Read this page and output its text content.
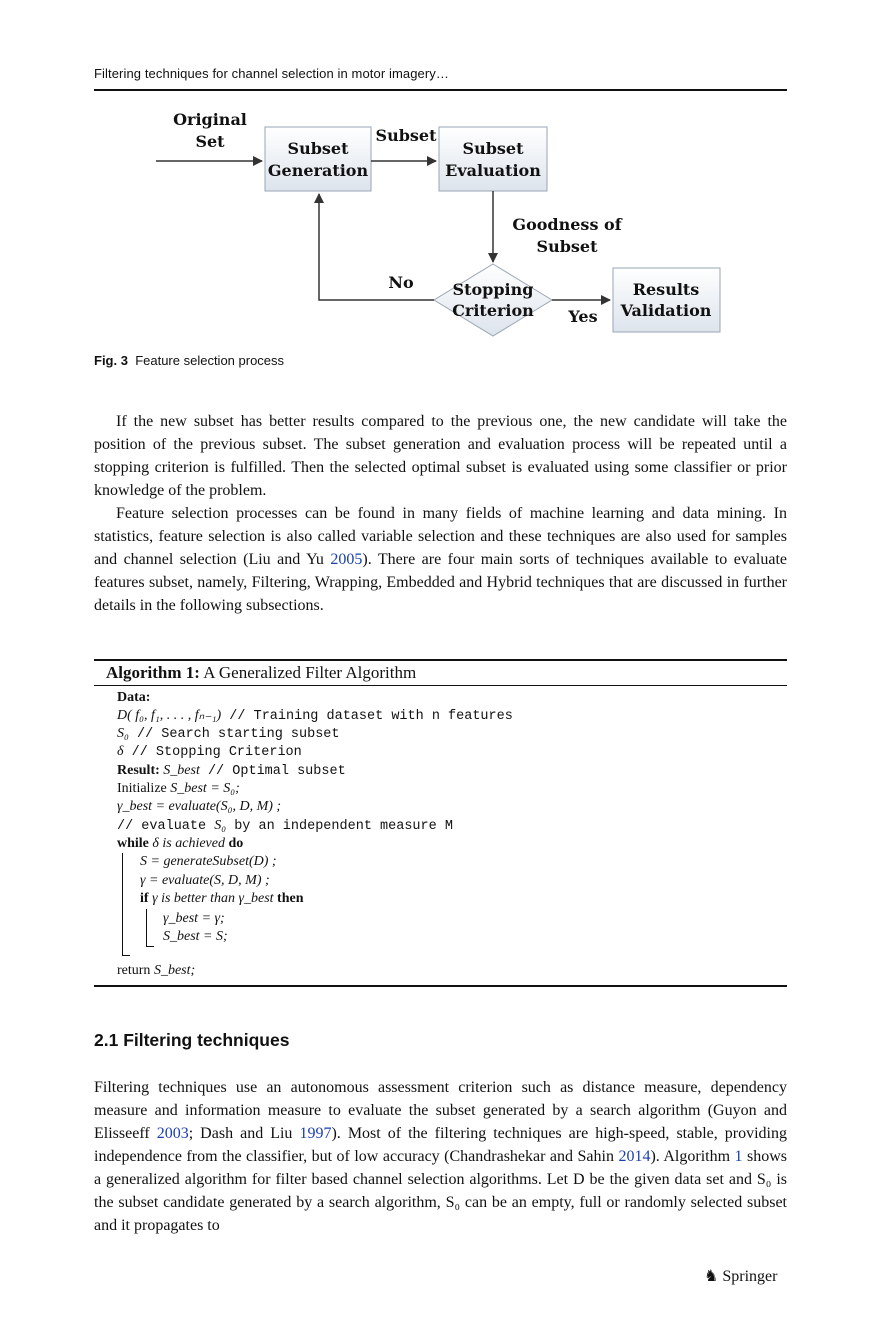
Filtering techniques for channel selection in motor imagery…
Original
Set	Subset
Generation
Subset
Subset
Evaluation
Goodness of
Subset
Stopping
Criterion
No
Yes
Results
Validation
Fig. 3 Feature selection process

If the new subset has better results compared to the previous one, the new candidate will take the position of the previous subset. The subset generation and evaluation process will be repeated until a stopping criterion is fulfilled. Then the selected optimal subset is evaluated using some classifier or prior knowledge of the problem.

Feature selection processes can be found in many fields of machine learning and data mining. In statistics, feature selection is also called variable selection and these techniques are also used for samples and channel selection (Liu and Yu 2005). There are four main sorts of techniques available to evaluate features subset, namely, Filtering, Wrapping, Embedded and Hybrid techniques that are discussed in further details in the following subsections.

Algorithm 1: A Generalized Filter Algorithm
Data:
D( f₀, f₁, . . . , fₙ₋₁) // Training dataset with n features
S₀ // Search starting subset
δ // Stopping Criterion
Result: S_best // Optimal subset
Initialize S_best = S₀;
γ_best = evaluate(S₀, D, M) ;
// evaluate S₀ by an independent measure M
while δ is achieved do
S = generateSubset(D) ;
γ = evaluate(S, D, M) ;
if γ is better than γ_best then
γ_best = γ;
S_best = S;
return S_best;
2.1 Filtering techniques

Filtering techniques use an autonomous assessment criterion such as distance measure, dependency measure and information measure to evaluate the subset generated by a search algorithm (Guyon and Elisseeff 2003; Dash and Liu 1997). Most of the filtering techniques are high-speed, stable, providing independence from the classifier, but of low accuracy (Chandrashekar and Sahin 2014). Algorithm 1 shows a generalized algorithm for filter based channel selection algorithms. Let D be the given data set and S₀ is the subset candidate generated by a search algorithm, S₀ can be an empty, full or randomly selected subset and it propagates to

♞ Springer
